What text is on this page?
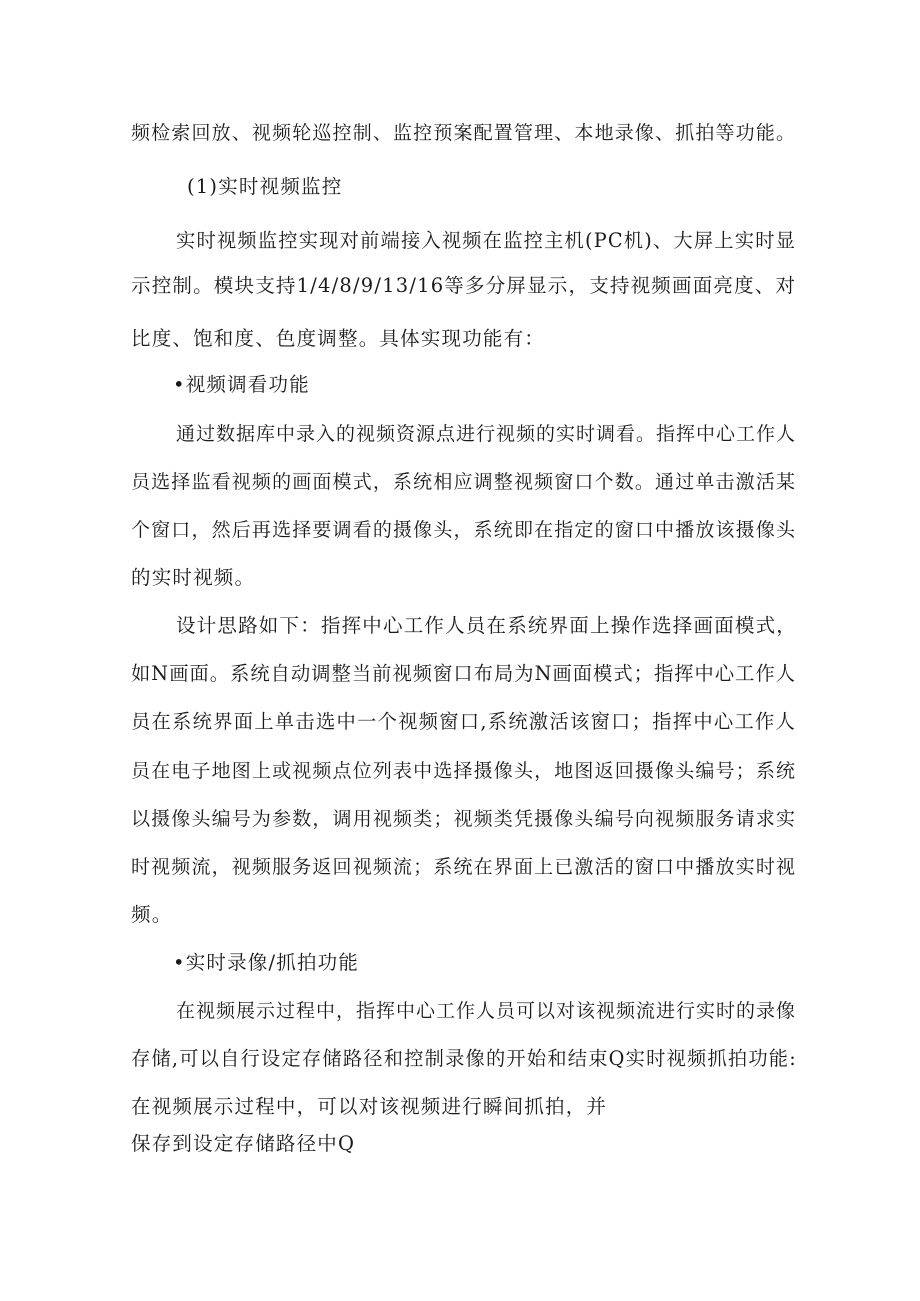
频检索回放、视频轮巡控制、监控预案配置管理、本地录像、抓拍等功能。
(1)实时视频监控
实时视频监控实现对前端接入视频在监控主机(PC机)、大屏上实时显
示控制。模块支持1/4/8/9/13/16等多分屏显示，支持视频画面亮度、对
比度、饱和度、色度调整。具体实现功能有：
•视频调看功能
通过数据库中录入的视频资源点进行视频的实时调看。指挥中心工作人
员选择监看视频的画面模式，系统相应调整视频窗口个数。通过单击激活某
个窗口，然后再选择要调看的摄像头，系统即在指定的窗口中播放该摄像头
的实时视频。
设计思路如下：指挥中心工作人员在系统界面上操作选择画面模式，
如N画面。系统自动调整当前视频窗口布局为N画面模式；指挥中心工作人
员在系统界面上单击选中一个视频窗口,系统激活该窗口；指挥中心工作人
员在电子地图上或视频点位列表中选择摄像头，地图返回摄像头编号；系统
以摄像头编号为参数，调用视频类；视频类凭摄像头编号向视频服务请求实
时视频流，视频服务返回视频流；系统在界面上已激活的窗口中播放实时视
频。
•实时录像/抓拍功能
在视频展示过程中，指挥中心工作人员可以对该视频流进行实时的录像
存储,可以自行设定存储路径和控制录像的开始和结束Q实时视频抓拍功能:
在视频展示过程中，可以对该视频进行瞬间抓拍，并
保存到设定存储路径中Q
